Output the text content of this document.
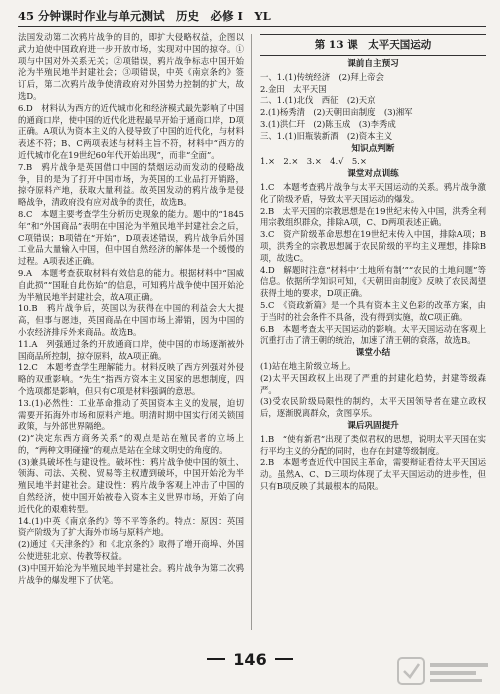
45 分钟课时作业与单元测试　历史　必修 I　YL

法国发动第二次鸦片战争的目的，即扩大侵略权益，企图以武力迫使中国政府进一步开放市场，实现对中国的掠夺。①项与中国对外关系无关；②项错误，鸦片战争标志中国开始沦为半殖民地半封建社会；③项错误，中英《南京条约》签订后，第二次鸦片战争使清政府对外国势力控制的扩大，故选D。

6.D　材料认为西方的近代城市化和经济模式最先影响了中国的通商口岸，使中国的近代化进程最早开始于通商口岸，D项正确。A项认为资本主义的入侵导致了中国的近代化，与材料表述不符；B、C两项表述与材料主旨不符，材料中“西方的近代城市化在19世纪60年代开始出现”，而非“全面”。

7.B　鸦片战争是英国借口中国的禁烟运动而发动的侵略战争，目的是为了打开中国市场，为英国的工业品打开销路，掠夺原料产地，获取大量利益。故英国发动的鸦片战争是侵略战争，清政府没有应对战争的责任，故选B。

8.C　本题主要考查学生分析历史现象的能力。题中的“1845年”和“外国商品”表明在中国沦为半殖民地半封建社会之后，C项错误；B项错在“开始”，D项表述错误，鸦片战争后外国工业品大量输入中国，但中国自然经济的解体是一个缓慢的过程。A项表述正确。

9.A　本题考查获取材料有效信息的能力。根据材料中“国威自此损”“国耻自此伤始”的信息，可知鸦片战争使中国开始沦为半殖民地半封建社会，故A项正确。

10.B　鸦片战争后，英国以为获得在中国的利益会大大提高，但事与愿违，英国商品在中国市场上滞销，因为中国的小农经济排斥外来商品。故选B。

11.A　列强通过条约开放通商口岸，使中国的市场逐渐被外国商品所控制，掠夺原料，故A项正确。

12.C　本题考查学生理解能力。材料反映了西方列强对外侵略的双重影响。“先生”指西方资本主义国家的思想制度，四个选项都是影响，但只有C项是材料强调的意思。

13.(1)必然性：工业革命推动了英国资本主义的发展，迫切需要开拓海外市场和原料产地。明清时期中国实行闭关锁国政策，与外部世界隔绝。

(2)“决定东西方商务关系”的观点是站在殖民者的立场上的，“两种文明碰撞”的观点是站在全球文明史的角度的。

(3)兼具破坏性与建设性。破坏性：鸦片战争使中国的领土、领海、司法、关税、贸易等主权遭到破坏，中国开始沦为半殖民地半封建社会。建设性：鸦片战争客观上冲击了中国的自然经济，使中国开始被卷入资本主义世界市场，开始了向近代化的艰难转型。

14.(1)中英《南京条约》等不平等条约。特点：原因：英国资产阶级为了扩大海外市场与原料产地。

(2)通过《天津条约》和《北京条约》取得了增开商埠、外国公使进驻北京、传教等权益。

(3)中国开始沦为半殖民地半封建社会。鸦片战争为第二次鸦片战争的爆发埋下了伏笔。

第 13 课　太平天国运动
课前自主预习

一、1.(1)传统经济　(2)拜上帝会

2.金田　太平天国

二、1.(1)北伐　西征　(2)天京

2.(1)杨秀清　(2)天朝田亩制度　(3)湘军

3.(1)洪仁玕　(2)陈玉成　(3)李秀成

三、1.(1)旧瓶装新酒　(2)资本主义

知识点判断

1.×　2.×　3.×　4.√　5.×

课堂对点训练

1.C　本题考查鸦片战争与太平天国运动的关系。鸦片战争激化了阶级矛盾，导致太平天国运动的爆发。

2.B　太平天国的宗教思想是在19世纪末传入中国，洪秀全利用宗教组织群众，排除A项，C、D两项表述正确。

3.C　资产阶级革命思想在19世纪末传入中国，排除A项；B项，洪秀全的宗教思想属于农民阶级的平均主义理想，排除B项，故选C。

4.D　解题时注意“材料中‘土地所有制’”“农民的土地问题”等信息。依据所学知识可知，《天朝田亩制度》反映了农民渴望获得土地的要求，D项正确。

5.C　《资政新篇》是一个具有资本主义色彩的改革方案，由于当时的社会条件不具备，没有得到实施，故C项正确。

6.B　本题考查太平天国运动的影响。太平天国运动在客观上沉重打击了清王朝的统治，加速了清王朝的衰落，故选B。

课堂小结

(1)站在地主阶级立场上。

(2)太平天国政权上出现了严重的封建化趋势，封建等级森严。

(3)受农民阶级局限性的制约，太平天国领导者在建立政权后，逐渐脱离群众，贪图享乐。

课后巩固提升

1.B　“使有新君”出现了类似君权的思想，说明太平天国在实行平均主义的分配的同时，也存在封建等级制度。

2.B　本题考查近代中国民主革命，需要辩证看待太平天国运动。虽然A、C、D三项均体现了太平天国运动的进步性，但只有B项反映了其最根本的局限。

146
